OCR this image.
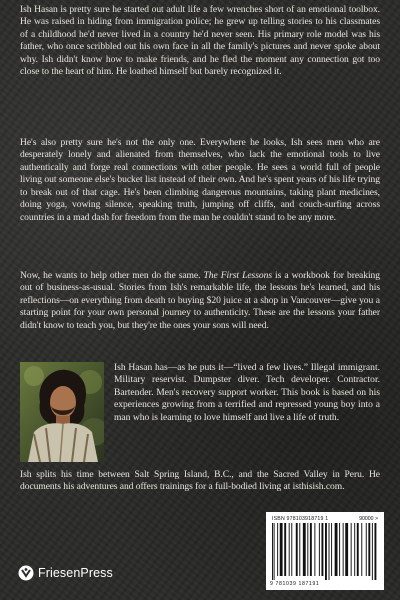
Ish Hasan is pretty sure he started out adult life a few wrenches short of an emotional toolbox. He was raised in hiding from immigration police; he grew up telling stories to his classmates of a childhood he'd never lived in a country he'd never seen. His primary role model was his father, who once scribbled out his own face in all the family's pictures and never spoke about why. Ish didn't know how to make friends, and he fled the moment any connection got too close to the heart of him. He loathed himself but barely recognized it.

He's also pretty sure he's not the only one. Everywhere he looks, Ish sees men who are desperately lonely and alienated from themselves, who lack the emotional tools to live authentically and forge real connections with other people. He sees a world full of people living out someone else's bucket list instead of their own. And he's spent years of his life trying to break out of that cage. He's been climbing dangerous mountains, taking plant medicines, doing yoga, vowing silence, speaking truth, jumping off cliffs, and couch-surfing across countries in a mad dash for freedom from the man he couldn't stand to be any more.

Now, he wants to help other men do the same. The First Lessons is a workbook for breaking out of business-as-usual. Stories from Ish's remarkable life, the lessons he's learned, and his reflections—on everything from death to buying $20 juice at a shop in Vancouver—give you a starting point for your own personal journey to authenticity. These are the lessons your father didn't know to teach you, but they're the ones your sons will need.

Ish Hasan has—as he puts it—“lived a few lives.” Illegal immigrant. Military reservist. Dumpster diver. Tech developer. Contractor. Bartender. Men's recovery support worker. This book is based on his experiences growing from a terrified and repressed young boy into a man who is learning to love himself and live a life of truth.

Ish splits his time between Salt Spring Island, B.C., and the Sacred Valley in Peru. He documents his adventures and offers trainings for a full-bodied living at isthisish.com.

FriesenPress
ISBN 978103918719 1	90000 >
9 781039 187191
